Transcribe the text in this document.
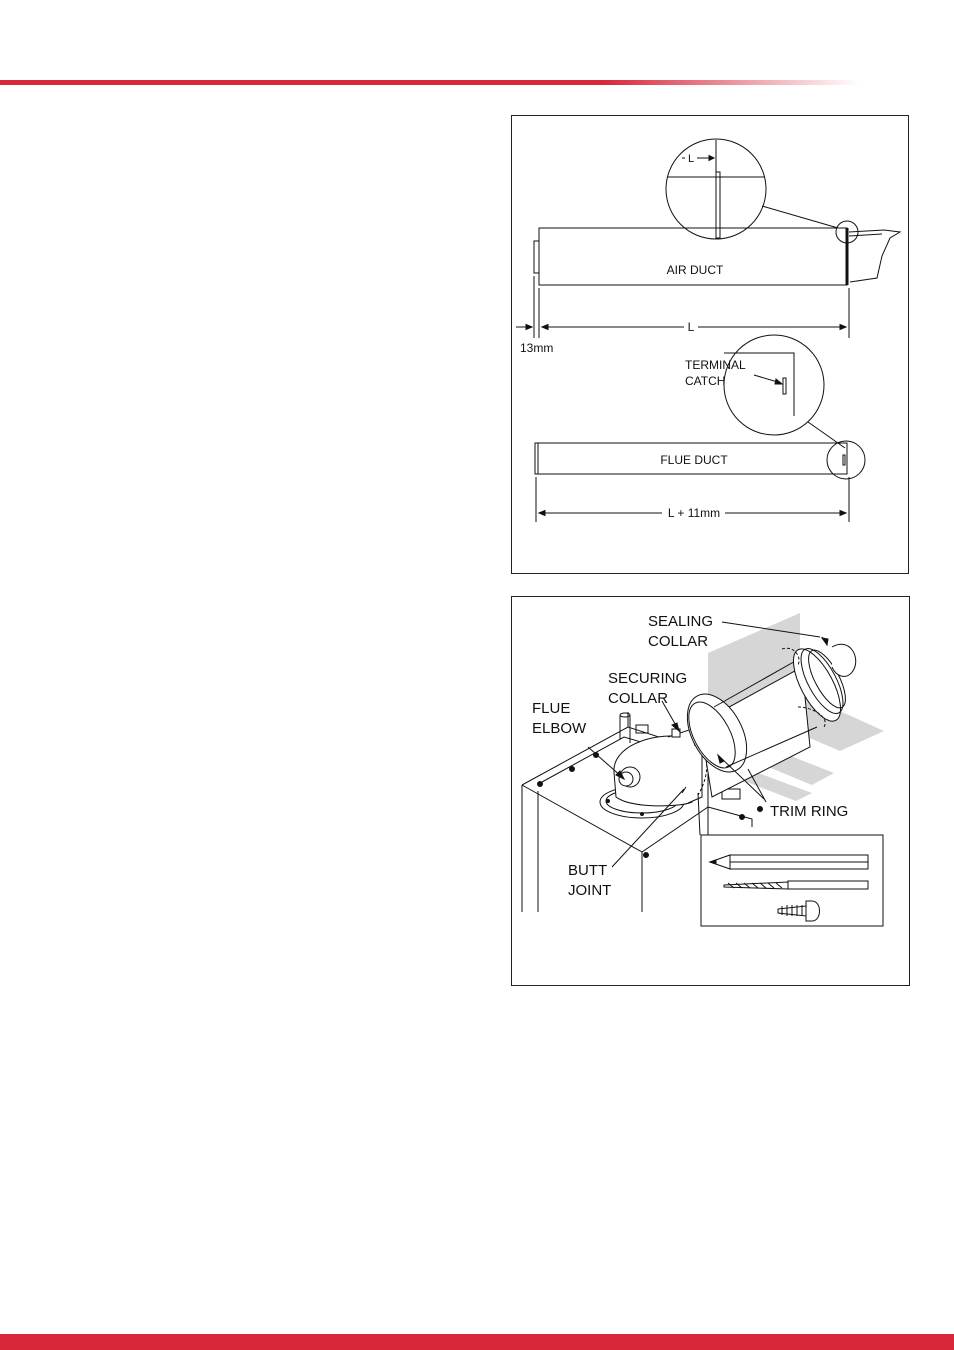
L
AIR DUCT
L
13mm
TERMINAL
CATCH
FLUE DUCT
L + 11mm
SEALING
COLLAR
SECURING
COLLAR
FLUE
ELBOW
TRIM RING
BUTT
JOINT
